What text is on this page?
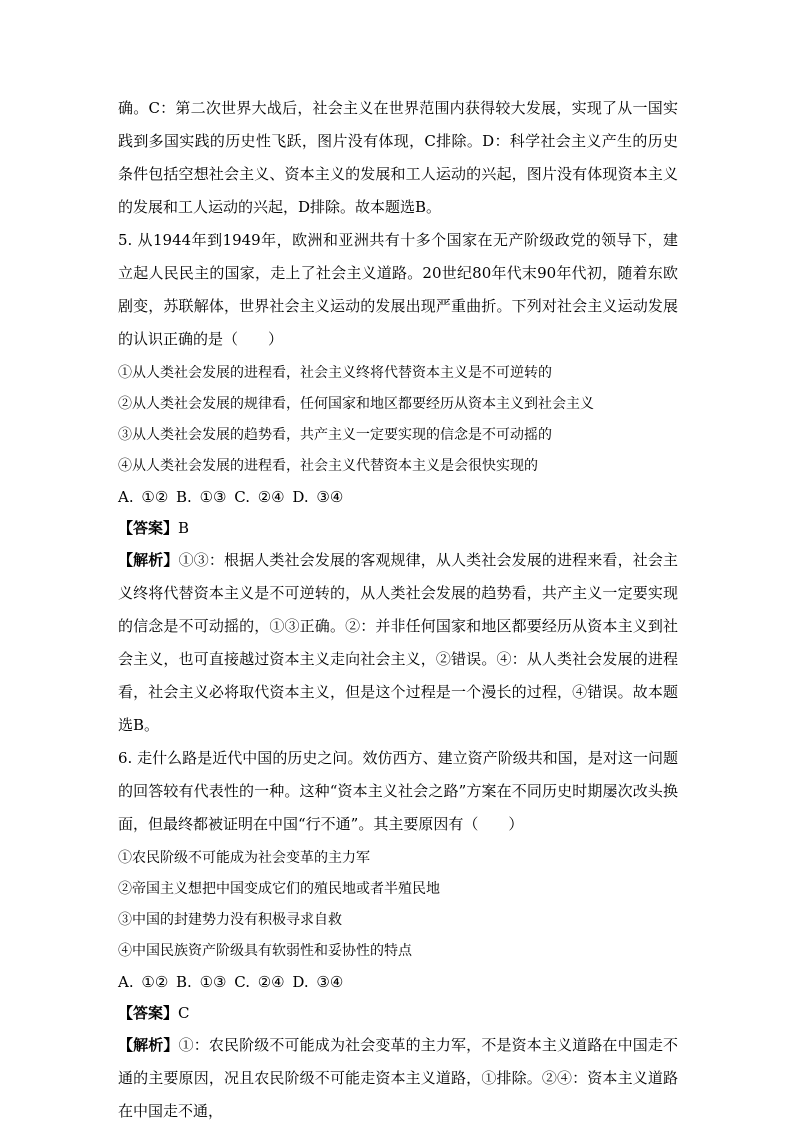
确。C：第二次世界大战后，社会主义在世界范围内获得较大发展，实现了从一国实践到多国实践的历史性飞跃，图片没有体现，C排除。D：科学社会主义产生的历史条件包括空想社会主义、资本主义的发展和工人运动的兴起，图片没有体现资本主义的发展和工人运动的兴起，D排除。故本题选B。

5. 从1944年到1949年，欧洲和亚洲共有十多个国家在无产阶级政党的领导下，建立起人民民主的国家，走上了社会主义道路。20世纪80年代末90年代初，随着东欧剧变，苏联解体，世界社会主义运动的发展出现严重曲折。下列对社会主义运动发展的认识正确的是（　　）

①从人类社会发展的进程看，社会主义终将代替资本主义是不可逆转的
②从人类社会发展的规律看，任何国家和地区都要经历从资本主义到社会主义
③从人类社会发展的趋势看，共产主义一定要实现的信念是不可动摇的
④从人类社会发展的进程看，社会主义代替资本主义是会很快实现的
A. ①② B. ①③ C. ②④ D. ③④
【答案】B

【解析】①③：根据人类社会发展的客观规律，从人类社会发展的进程来看，社会主义终将代替资本主义是不可逆转的，从人类社会发展的趋势看，共产主义一定要实现的信念是不可动摇的，①③正确。②：并非任何国家和地区都要经历从资本主义到社会主义，也可直接越过资本主义走向社会主义，②错误。④：从人类社会发展的进程看，社会主义必将取代资本主义，但是这个过程是一个漫长的过程，④错误。故本题选B。

6. 走什么路是近代中国的历史之问。效仿西方、建立资产阶级共和国，是对这一问题的回答较有代表性的一种。这种“资本主义社会之路”方案在不同历史时期屡次改头换面，但最终都被证明在中国“行不通”。其主要原因有（　　）

①农民阶级不可能成为社会变革的主力军
②帝国主义想把中国变成它们的殖民地或者半殖民地
③中国的封建势力没有积极寻求自救
④中国民族资产阶级具有软弱性和妥协性的特点
A. ①② B. ①③ C. ②④ D. ③④
【答案】C

【解析】①：农民阶级不可能成为社会变革的主力军，不是资本主义道路在中国走不通的主要原因，况且农民阶级不可能走资本主义道路，①排除。②④：资本主义道路在中国走不通，
